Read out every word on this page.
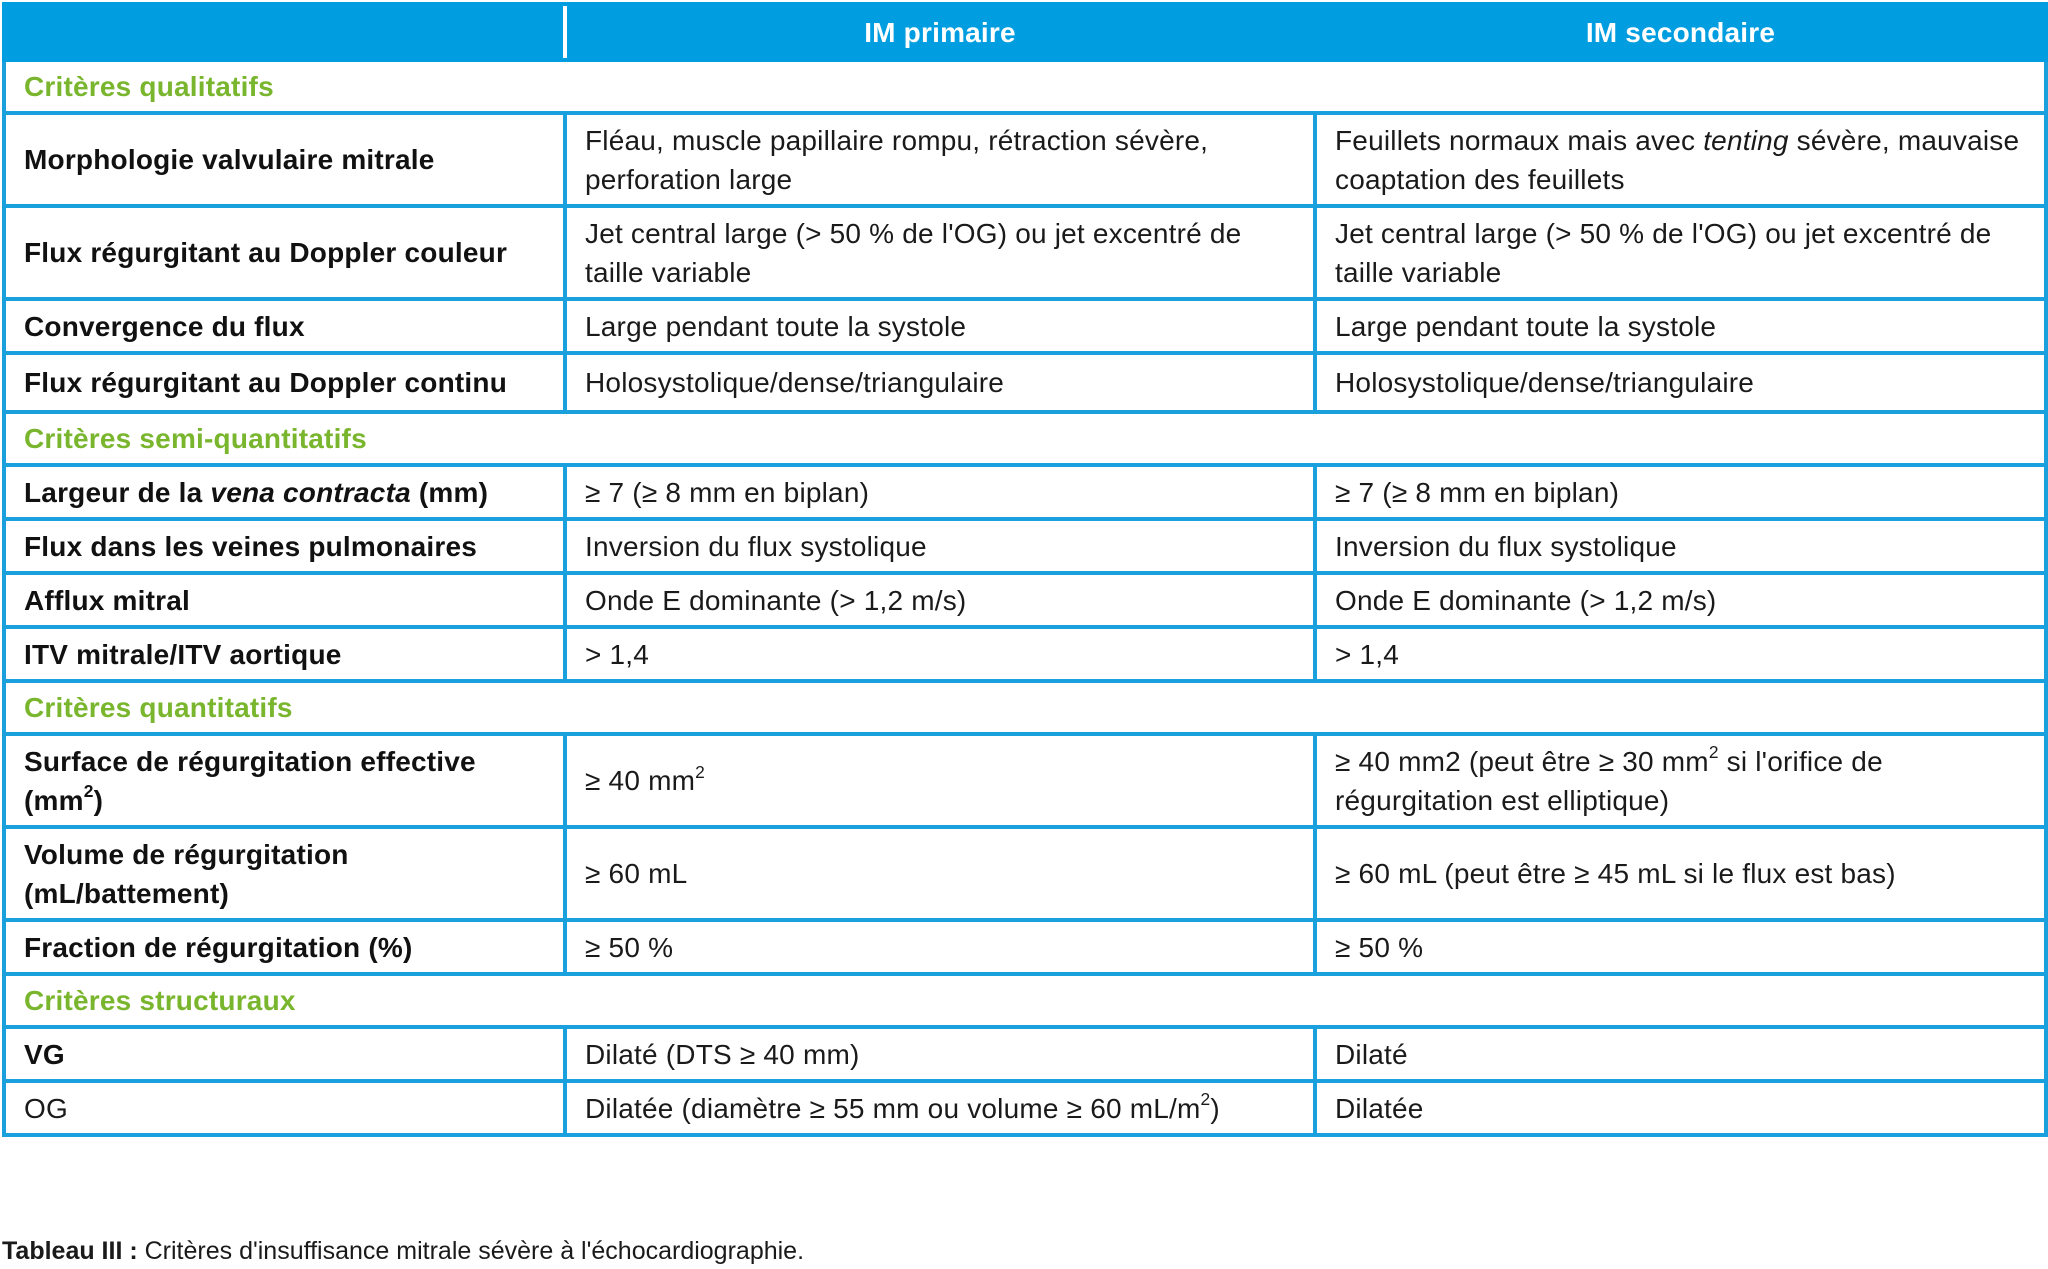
	IM primaire	IM secondaire
Critères qualitatifs		
Morphologie valvulaire mitrale	Fléau, muscle papillaire rompu, rétraction sévère, perforation large	Feuillets normaux mais avec tenting sévère, mauvaise coaptation des feuillets
Flux régurgitant au Doppler couleur	Jet central large (> 50 % de l'OG) ou jet excentré de taille variable	Jet central large (> 50 % de l'OG) ou jet excentré de taille variable
Convergence du flux	Large pendant toute la systole	Large pendant toute la systole
Flux régurgitant au Doppler continu	Holosystolique/dense/triangulaire	Holosystolique/dense/triangulaire
Critères semi-quantitatifs		
Largeur de la vena contracta (mm)	≥ 7 (≥ 8 mm en biplan)	≥ 7 (≥ 8 mm en biplan)
Flux dans les veines pulmonaires	Inversion du flux systolique	Inversion du flux systolique
Afflux mitral	Onde E dominante (> 1,2 m/s)	Onde E dominante (> 1,2 m/s)
ITV mitrale/ITV aortique	> 1,4	> 1,4
Critères quantitatifs		
Surface de régurgitation effective $(mm^2)$	≥ 40 $mm^2$	≥ 40 mm2 (peut être ≥ 30 $mm^2$ si l'orifice de régurgitation est elliptique)
Volume de régurgitation (mL/battement)	≥ 60 mL	≥ 60 mL (peut être ≥ 45 mL si le flux est bas)
Fraction de régurgitation (%)	≥ 50 %	≥ 50 %
Critères structuraux		
VG	Dilaté (DTS ≥ 40 mm)	Dilaté
OG	Dilatée (diamètre ≥ 55 mm ou volume ≥ 60 $mL/m^2$)	Dilatée
Tableau III : Critères d'insuffisance mitrale sévère à l'échocardiographie.
